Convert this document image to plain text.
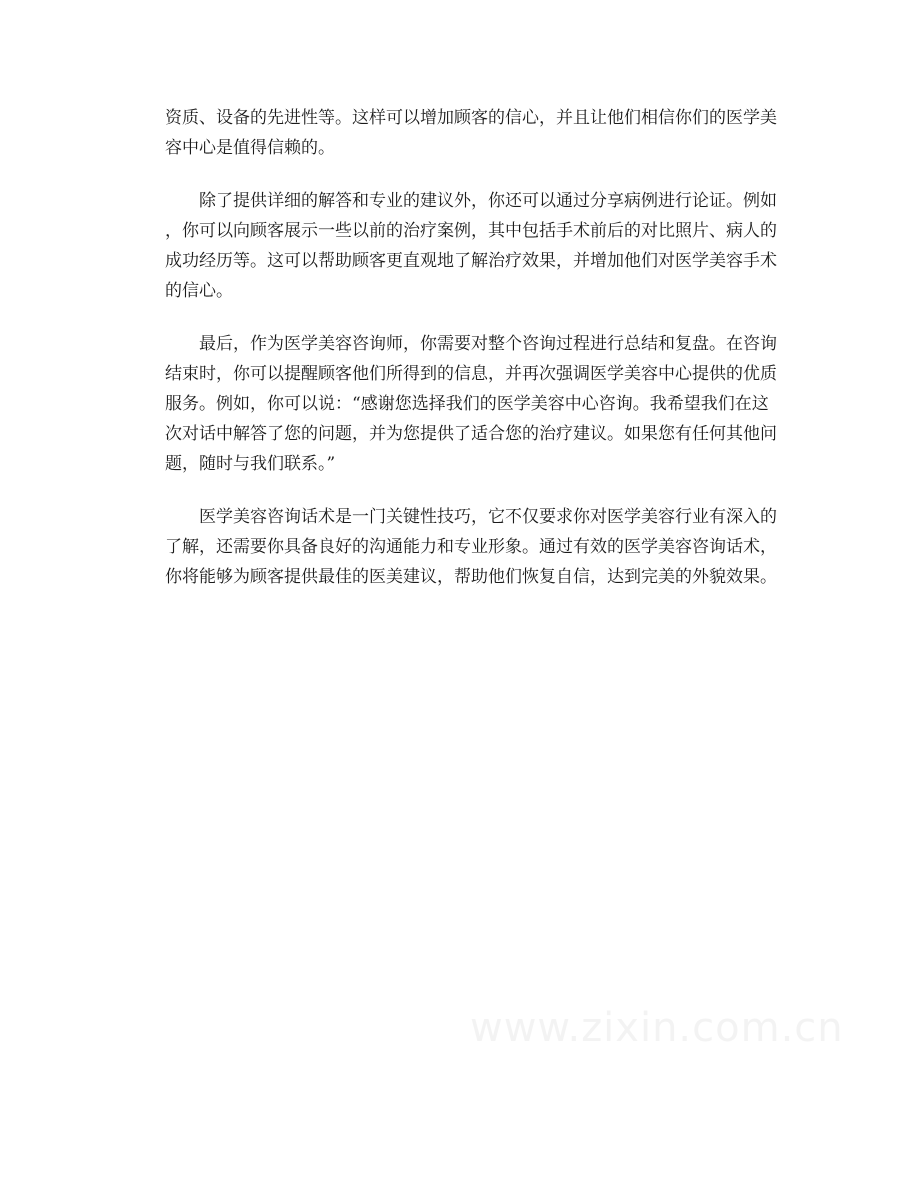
资质、设备的先进性等。这样可以增加顾客的信心，并且让他们相信你们的医学美
容中心是值得信赖的。
　　除了提供详细的解答和专业的建议外，你还可以通过分享病例进行论证。例如
，你可以向顾客展示一些以前的治疗案例，其中包括手术前后的对比照片、病人的
成功经历等。这可以帮助顾客更直观地了解治疗效果，并增加他们对医学美容手术
的信心。
　　最后，作为医学美容咨询师，你需要对整个咨询过程进行总结和复盘。在咨询
结束时，你可以提醒顾客他们所得到的信息，并再次强调医学美容中心提供的优质
服务。例如，你可以说：“感谢您选择我们的医学美容中心咨询。我希望我们在这
次对话中解答了您的问题，并为您提供了适合您的治疗建议。如果您有任何其他问
题，随时与我们联系。”
　　医学美容咨询话术是一门关键性技巧，它不仅要求你对医学美容行业有深入的
了解，还需要你具备良好的沟通能力和专业形象。通过有效的医学美容咨询话术，
你将能够为顾客提供最佳的医美建议，帮助他们恢复自信，达到完美的外貌效果。
www.zixin.com.cn
